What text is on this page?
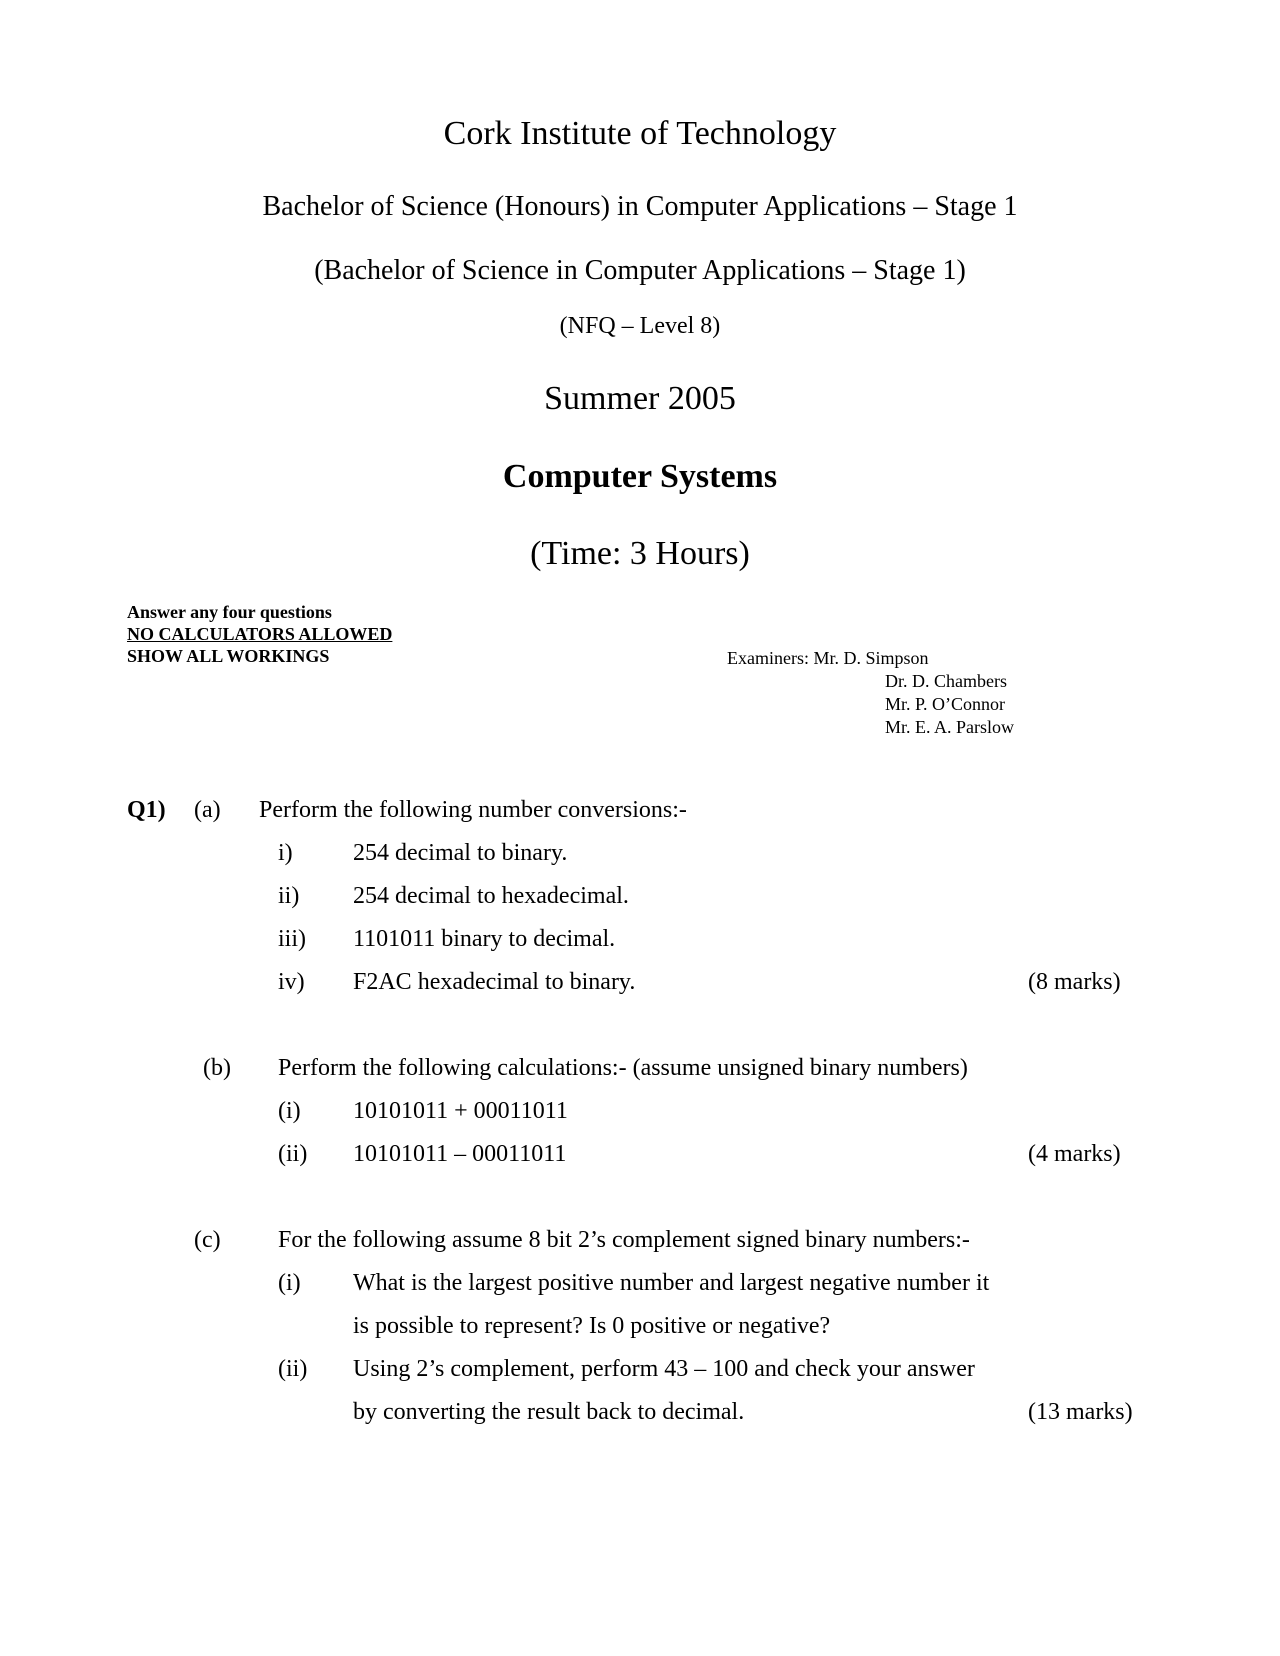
Cork Institute of Technology
Bachelor of Science (Honours) in Computer Applications – Stage 1
(Bachelor of Science in Computer Applications – Stage 1)
(NFQ – Level 8)
Summer 2005
Computer Systems
(Time: 3 Hours)
Answer any four questions
NO CALCULATORS ALLOWED
SHOW ALL WORKINGS	Examiners: Mr. D. Simpson
Dr. D. Chambers
Mr. P. O’Connor
Mr. E. A. Parslow
Q1) (a) Perform the following number conversions:-
i)	254 decimal to binary.
ii) 254 decimal to hexadecimal.
iii) 1101011 binary to decimal.
iv) F2AC hexadecimal to binary.	(8 marks)
(b) Perform the following calculations:- (assume unsigned binary numbers)
(i) 10101011 + 00011011
(ii) 10101011 – 00011011	(4 marks)
(c) For the following assume 8 bit 2’s complement signed binary numbers:-
(i) What is the largest positive number and largest negative number it
is possible to represent? Is 0 positive or negative?
(ii) Using 2’s complement, perform 43 – 100 and check your answer
by converting the result back to decimal.	(13 marks)
